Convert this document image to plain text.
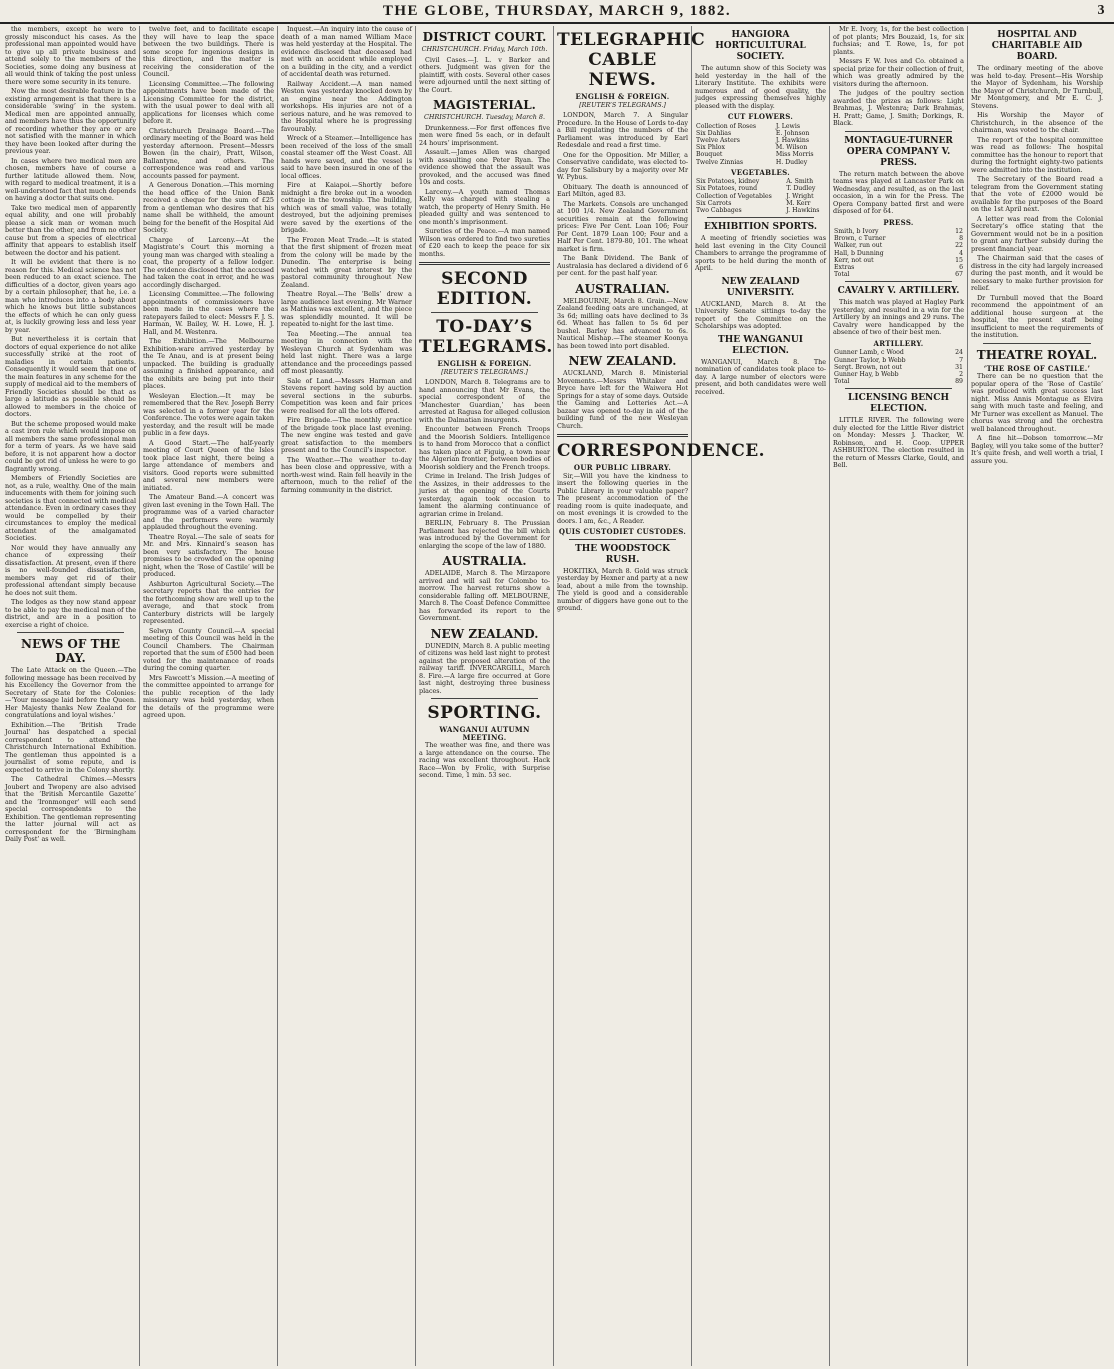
THE GLOBE, THURSDAY, MARCH 9, 1882.	3

the members, except he were to grossly misconduct his cases. As the professional man appointed would have to give up all private business and attend solely to the members of the Societies, some doing any business at all would think of taking the post unless there were some security in its tenure.

Now the most desirable feature in the existing arrangement is that there is a considerable ‘swing’ in the system. Medical men are appointed annually, and members have thus the opportunity of recording whether they are or are not satisfied with the manner in which they have been looked after during the previous year.

In cases where two medical men are chosen, members have of course a further latitude allowed them. Now, with regard to medical treatment, it is a well-understood fact that much depends on having a doctor that suits one.

Take two medical men of apparently equal ability, and one will probably please a sick man or woman much better than the other, and from no other cause but from a species of electrical affinity that appears to establish itself between the doctor and his patient.

It will be evident that there is no reason for this. Medical science has not been reduced to an exact science. The difficulties of a doctor, given years ago by a certain philosopher, that he, i.e. a man who introduces into a body about which he knows but little substances the effects of which he can only guess at, is luckily growing less and less year by year.

But nevertheless it is certain that doctors of equal experience do not alike successfully strike at the root of maladies in certain patients. Consequently it would seem that one of the main features in any scheme for the supply of medical aid to the members of Friendly Societies should be that as large a latitude as possible should be allowed to members in the choice of doctors.

But the scheme proposed would make a cast iron rule which would impose on all members the same professional man for a term of years. As we have said before, it is not apparent how a doctor could be got rid of unless he were to go flagrantly wrong.

Members of Friendly Societies are not, as a rule, wealthy. One of the main inducements with them for joining such societies is that connected with medical attendance. Even in ordinary cases they would be compelled by their circumstances to employ the medical attendant of the amalgamated Societies.

Nor would they have annually any chance of expressing their dissatisfaction. At present, even if there is no well-founded dissatisfaction, members may get rid of their professional attendant simply because he does not suit them.

The lodges as they now stand appear to be able to pay the medical man of the district, and are in a position to exercise a right of choice.

NEWS OF THE DAY.

The Late Attack on the Queen.—The following message has been received by his Excellency the Governor from the Secretary of State for the Colonies:—‘Your message laid before the Queen. Her Majesty thanks New Zealand for congratulations and loyal wishes.’

Exhibition.—The ‘British Trade Journal’ has despatched a special correspondent to attend the Christchurch International Exhibition. The gentleman thus appointed is a journalist of some repute, and is expected to arrive in the Colony shortly.

The Cathedral Chimes.—Messrs Joubert and Twopeny are also advised that the ‘British Mercantile Gazette’ and the ‘Ironmonger’ will each send special correspondents to the Exhibition. The gentleman representing the latter journal will act as correspondent for the ‘Birmingham Daily Post’ as well.

twelve feet, and to facilitate escape they will have to leap the space between the two buildings. There is some scope for ingenious designs in this direction, and the matter is receiving the consideration of the Council.

Licensing Committee.—The following appointments have been made of the Licensing Committee for the district, with the usual power to deal with all applications for licenses which come before it.

Christchurch Drainage Board.—The ordinary meeting of the Board was held yesterday afternoon. Present—Messrs Bowen (in the chair), Pratt, Wilson, Ballantyne, and others. The correspondence was read and various accounts passed for payment.

A Generous Donation.—This morning the head office of the Union Bank received a cheque for the sum of £25 from a gentleman who desires that his name shall be withheld, the amount being for the benefit of the Hospital Aid Society.

Charge of Larceny.—At the Magistrate’s Court this morning a young man was charged with stealing a coat, the property of a fellow lodger. The evidence disclosed that the accused had taken the coat in error, and he was accordingly discharged.

Licensing Committee.—The following appointments of commissioners have been made in the cases where the ratepayers failed to elect: Messrs F. J. S. Harman, W. Bailey, W. H. Lowe, H. J. Hall, and M. Westenra.

The Exhibition.—The Melbourne Exhibition-ware arrived yesterday by the Te Anau, and is at present being unpacked. The building is gradually assuming a finished appearance, and the exhibits are being put into their places.

Wesleyan Election.—It may be remembered that the Rev. Joseph Berry was selected in a former year for the Conference. The votes were again taken yesterday, and the result will be made public in a few days.

A Good Start.—The half-yearly meeting of Court Queen of the Isles took place last night, there being a large attendance of members and visitors. Good reports were submitted and several new members were initiated.

The Amateur Band.—A concert was given last evening in the Town Hall. The programme was of a varied character and the performers were warmly applauded throughout the evening.

Theatre Royal.—The sale of seats for Mr. and Mrs. Kinnaird’s season has been very satisfactory. The house promises to be crowded on the opening night, when the ‘Rose of Castile’ will be produced.

Ashburton Agricultural Society.—The secretary reports that the entries for the forthcoming show are well up to the average, and that stock from Canterbury districts will be largely represented.

Selwyn County Council.—A special meeting of this Council was held in the Council Chambers. The Chairman reported that the sum of £500 had been voted for the maintenance of roads during the coming quarter.

Mrs Fawcett’s Mission.—A meeting of the committee appointed to arrange for the public reception of the lady missionary was held yesterday, when the details of the programme were agreed upon.

Inquest.—An inquiry into the cause of death of a man named William Mace was held yesterday at the Hospital. The evidence disclosed that deceased had met with an accident while employed on a building in the city, and a verdict of accidental death was returned.

Railway Accident.—A man named Weston was yesterday knocked down by an engine near the Addington workshops. His injuries are not of a serious nature, and he was removed to the Hospital where he is progressing favourably.

Wreck of a Steamer.—Intelligence has been received of the loss of the small coastal steamer off the West Coast. All hands were saved, and the vessel is said to have been insured in one of the local offices.

Fire at Kaiapoi.—Shortly before midnight a fire broke out in a wooden cottage in the township. The building, which was of small value, was totally destroyed, but the adjoining premises were saved by the exertions of the brigade.

The Frozen Meat Trade.—It is stated that the first shipment of frozen meat from the colony will be made by the Dunedin. The enterprise is being watched with great interest by the pastoral community throughout New Zealand.

Theatre Royal.—The ‘Bells’ drew a large audience last evening. Mr Warner as Mathias was excellent, and the piece was splendidly mounted. It will be repeated to-night for the last time.

Tea Meeting.—The annual tea meeting in connection with the Wesleyan Church at Sydenham was held last night. There was a large attendance and the proceedings passed off most pleasantly.

Sale of Land.—Messrs Harman and Stevens report having sold by auction several sections in the suburbs. Competition was keen and fair prices were realised for all the lots offered.

Fire Brigade.—The monthly practice of the brigade took place last evening. The new engine was tested and gave great satisfaction to the members present and to the Council’s inspector.

The Weather.—The weather to-day has been close and oppressive, with a north-west wind. Rain fell heavily in the afternoon, much to the relief of the farming community in the district.

DISTRICT COURT.
CHRISTCHURCH. Friday, March 10th.

Civil Cases.—J. L. v Barker and others. Judgment was given for the plaintiff, with costs. Several other cases were adjourned until the next sitting of the Court.

MAGISTERIAL.
CHRISTCHURCH. Tuesday, March 8.

Drunkenness.—For first offences five men were fined 5s each, or in default 24 hours’ imprisonment.

Assault.—James Allen was charged with assaulting one Peter Ryan. The evidence showed that the assault was provoked, and the accused was fined 10s and costs.

Larceny.—A youth named Thomas Kelly was charged with stealing a watch, the property of Henry Smith. He pleaded guilty and was sentenced to one month’s imprisonment.

Sureties of the Peace.—A man named Wilson was ordered to find two sureties of £20 each to keep the peace for six months.

SECOND EDITION.
TO-DAY’S TELEGRAMS.
ENGLISH & FOREIGN.
[REUTER’S TELEGRAMS.]

LONDON, March 8. Telegrams are to hand announcing that Mr Evans, the special correspondent of the ‘Manchester Guardian,’ has been arrested at Ragusa for alleged collusion with the Dalmatian insurgents.

Encounter between French Troops and the Moorish Soldiers. Intelligence is to hand from Morocco that a conflict has taken place at Figuig, a town near the Algerian frontier, between bodies of Moorish soldiery and the French troops.

Crime in Ireland. The Irish Judges of the Assizes, in their addresses to the juries at the opening of the Courts yesterday, again took occasion to lament the alarming continuance of agrarian crime in Ireland.

BERLIN, February 8. The Prussian Parliament has rejected the bill which was introduced by the Government for enlarging the scope of the law of 1880.

AUSTRALIA.

ADELAIDE, March 8. The Mirzapore arrived and will sail for Colombo to-morrow. The harvest returns show a considerable falling off. MELBOURNE, March 8. The Coast Defence Committee has forwarded its report to the Government.

NEW ZEALAND.

DUNEDIN, March 8. A public meeting of citizens was held last night to protest against the proposed alteration of the railway tariff. INVERCARGILL, March 8. Fire.—A large fire occurred at Gore last night, destroying three business places.

SPORTING.
WANGANUI AUTUMN MEETING.

The weather was fine, and there was a large attendance on the course. The racing was excellent throughout. Hack Race—Won by Frolic, with Surprise second. Time, 1 min. 53 sec.

TELEGRAPHIC CABLE NEWS.
ENGLISH & FOREIGN.
[REUTER’S TELEGRAMS.]

LONDON, March 7. A Singular Procedure. In the House of Lords to-day a Bill regulating the numbers of the Parliament was introduced by Earl Redesdale and read a first time.

One for the Opposition. Mr Miller, a Conservative candidate, was elected to-day for Salisbury by a majority over Mr W. Pybus.

Obituary. The death is announced of Earl Milton, aged 83.

The Markets. Consols are unchanged at 100 1/4. New Zealand Government securities remain at the following prices: Five Per Cent. Loan 106; Four Per Cent. 1879 Loan 100; Four and a Half Per Cent. 1879-80, 101. The wheat market is firm.

The Bank Dividend. The Bank of Australasia has declared a dividend of 6 per cent. for the past half year.

AUSTRALIAN.

MELBOURNE, March 8. Grain.—New Zealand feeding oats are unchanged, at 3s 6d; milling oats have declined to 3s 6d. Wheat has fallen to 5s 6d per bushel. Barley has advanced to 6s. Nautical Mishap.—The steamer Koonya has been towed into port disabled.

NEW ZEALAND.

AUCKLAND, March 8. Ministerial Movements.—Messrs Whitaker and Bryce have left for the Waiwera Hot Springs for a stay of some days. Outside the Gaming and Lotteries Act.—A bazaar was opened to-day in aid of the building fund of the new Wesleyan Church.

CORRESPONDENCE.
OUR PUBLIC LIBRARY.

Sir,—Will you have the kindness to insert the following queries in the Public Library in your valuable paper? The present accommodation of the reading room is quite inadequate, and on most evenings it is crowded to the doors. I am, &c., A Reader.

QUIS CUSTODIET CUSTODES.
THE WOODSTOCK RUSH.

HOKITIKA, March 8. Gold was struck yesterday by Hexner and party at a new lead, about a mile from the township. The yield is good and a considerable number of diggers have gone out to the ground.

HANGIORA HORTICULTURAL SOCIETY.

The autumn show of this Society was held yesterday in the hall of the Literary Institute. The exhibits were numerous and of good quality, the judges expressing themselves highly pleased with the display.

CUT FLOWERS.
Collection of Roses	J. Lewis
Six Dahlias	E. Johnson
Twelve Asters	J. Hawkins
Six Phlox	M. Wilson
Bouquet	Miss Morris
Twelve Zinnias	H. Dudley
VEGETABLES.
Six Potatoes, kidney	A. Smith
Six Potatoes, round	T. Dudley
Collection of Vegetables	J. Wright
Six Carrots	M. Kerr
Two Cabbages	J. Hawkins
EXHIBITION SPORTS.

A meeting of friendly societies was held last evening in the City Council Chambers to arrange the programme of sports to be held during the month of April.

NEW ZEALAND UNIVERSITY.

AUCKLAND, March 8. At the University Senate sittings to-day the report of the Committee on the Scholarships was adopted.

THE WANGANUI ELECTION.

WANGANUI, March 8. The nomination of candidates took place to-day. A large number of electors were present, and both candidates were well received.

Mr E. Ivory, 1s, for the best collection of pot plants; Mrs Bouzaid, 1s, for six fuchsias; and T. Rowe, 1s, for pot plants.

Messrs F. W. Ives and Co. obtained a special prize for their collection of fruit, which was greatly admired by the visitors during the afternoon.

The judges of the poultry section awarded the prizes as follows: Light Brahmas, J. Westenra; Dark Brahmas, H. Pratt; Game, J. Smith; Dorkings, R. Black.

MONTAGUE-TURNER OPERA COMPANY V. PRESS.

The return match between the above teams was played at Lancaster Park on Wednesday, and resulted, as on the last occasion, in a win for the Press. The Opera Company batted first and were disposed of for 64.

PRESS.
Smith, b Ivory	12
Brown, c Turner	8
Walker, run out	22
Hall, b Dunning	4
Kerr, not out	15
Extras	6
Total	67
CAVALRY V. ARTILLERY.

This match was played at Hagley Park yesterday, and resulted in a win for the Artillery by an innings and 29 runs. The Cavalry were handicapped by the absence of two of their best men.

ARTILLERY.
Gunner Lamb, c Wood	24
Gunner Taylor, b Webb	7
Sergt. Brown, not out	31
Gunner Hay, b Webb	2
Total	89
LICENSING BENCH ELECTION.

LITTLE RIVER. The following were duly elected for the Little River district on Monday: Messrs J. Thacker, W. Robinson, and H. Coop. UPPER ASHBURTON. The election resulted in the return of Messrs Clarke, Gould, and Bell.

HOSPITAL AND CHARITABLE AID BOARD.

The ordinary meeting of the above was held to-day. Present—His Worship the Mayor of Sydenham, his Worship the Mayor of Christchurch, Dr Turnbull, Mr Montgomery, and Mr E. C. J. Stevens.

His Worship the Mayor of Christchurch, in the absence of the chairman, was voted to the chair.

The report of the hospital committee was read as follows: The hospital committee has the honour to report that during the fortnight eighty-two patients were admitted into the institution.

The Secretary of the Board read a telegram from the Government stating that the vote of £2000 would be available for the purposes of the Board on the 1st April next.

A letter was read from the Colonial Secretary’s office stating that the Government would not be in a position to grant any further subsidy during the present financial year.

The Chairman said that the cases of distress in the city had largely increased during the past month, and it would be necessary to make further provision for relief.

Dr Turnbull moved that the Board recommend the appointment of an additional house surgeon at the hospital, the present staff being insufficient to meet the requirements of the institution.

THEATRE ROYAL.
‘THE ROSE OF CASTILE.’

There can be no question that the popular opera of the ‘Rose of Castile’ was produced with great success last night. Miss Annis Montague as Elvira sang with much taste and feeling, and Mr Turner was excellent as Manuel. The chorus was strong and the orchestra well balanced throughout.

A fine hit—Dobson tomorrow.—Mr Bagley, will you take some of the butter? It’s quite fresh, and well worth a trial, I assure you.
